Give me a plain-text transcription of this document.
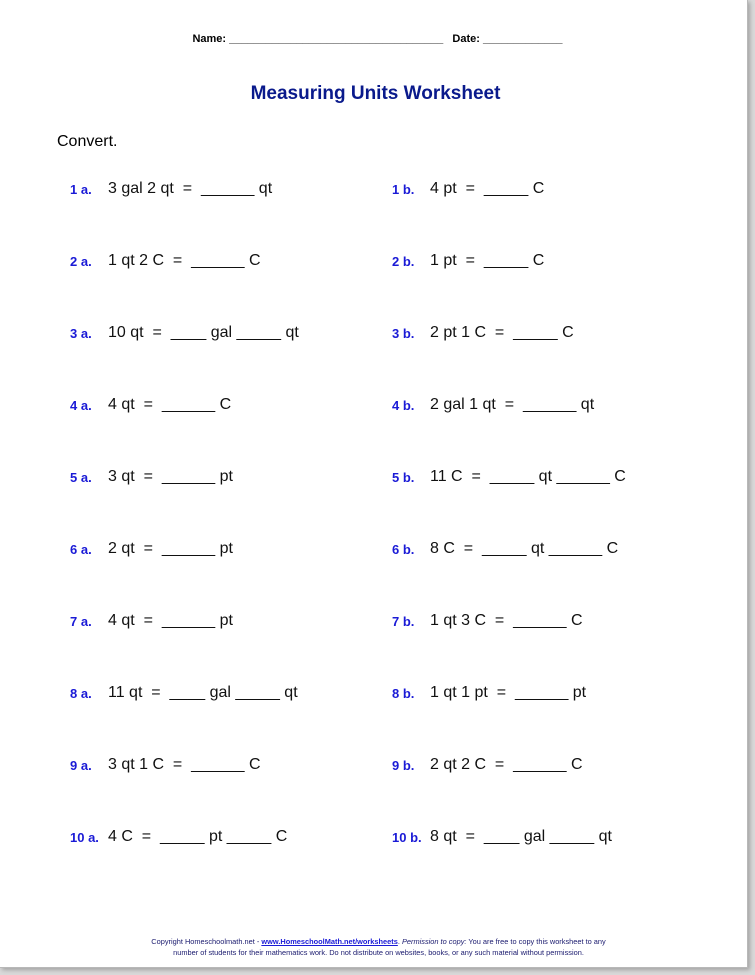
Name: ___________________________________   Date: _____________
Measuring Units Worksheet
Convert.

1 a.

3 gal 2 qt  =  ______ qt

	1 b.

4 pt  =  _____ C

2 a.

1 qt 2 C  =  ______ C

	2 b.

1 pt  =  _____ C

3 a.

10 qt  =  ____ gal _____ qt

	3 b.

2 pt 1 C  =  _____ C

4 a.

4 qt  =  ______ C

	4 b.

2 gal 1 qt  =  ______ qt

5 a.

3 qt  =  ______ pt

	5 b.

11 C  =  _____ qt ______ C

6 a.

2 qt  =  ______ pt

	6 b.

8 C  =  _____ qt ______ C

7 a.

4 qt  =  ______ pt

	7 b.

1 qt 3 C  =  ______ C

8 a.

11 qt  =  ____ gal _____ qt

	8 b.

1 qt 1 pt  =  ______ pt

9 a.

3 qt 1 C  =  ______ C

	9 b.

2 qt 2 C  =  ______ C

10 a.

4 C  =  _____ pt _____ C

	10 b.

8 qt  =  ____ gal _____ qt

Copyright Homeschoolmath.net - www.HomeschoolMath.net/worksheets. Permission to copy: You are free to copy this worksheet to any
number of students for their mathematics work. Do not distribute on websites, books, or any such material without permission.
